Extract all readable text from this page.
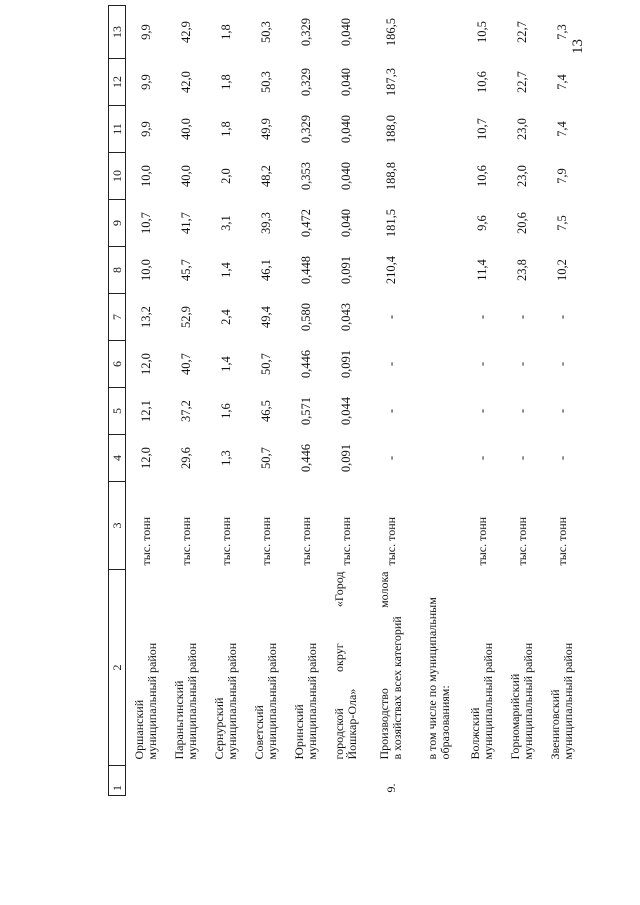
13
1	2	3	4	5	6	7	8	9	10	11	12	13

	Оршанский муниципальный район	тыс. тонн	12,0	12,1	12,0	13,2	10,0	10,7	10,0	9,9	9,9	9,9

	Параньгинский муниципальный район	тыс. тонн	29,6	37,2	40,7	52,9	45,7	41,7	40,0	40,0	42,0	42,9

	Сернурский муниципальный район	тыс. тонн	1,3	1,6	1,4	2,4	1,4	3,1	2,0	1,8	1,8	1,8

	Советский муниципальный район	тыс. тонн	50,7	46,5	50,7	49,4	46,1	39,3	48,2	49,9	50,3	50,3

	Юринский муниципальный район	тыс. тонн	0,446	0,571	0,446	0,580	0,448	0,472	0,353	0,329	0,329	0,329

	городской
округ
«Город
Йошкар-Ола»	тыс. тонн	0,091	0,044	0,091	0,043	0,091	0,040	0,040	0,040	0,040	0,040
9.	Производство
молока
в хозяйствах всех категорий	тыс. тонн	-	-	-	-	210,4	181,5	188,8	188,0	187,3	186,5

	в том числе по муниципальным образованиям:											

	Волжский муниципальный район	тыс. тонн	-	-	-	-	11,4	9,6	10,6	10,7	10,6	10,5

	Горномарийский муниципальный район	тыс. тонн	-	-	-	-	23,8	20,6	23,0	23,0	22,7	22,7

	Звениговский муниципальный район	тыс. тонн	-	-	-	-	10,2	7,5	7,9	7,4	7,4	7,3
